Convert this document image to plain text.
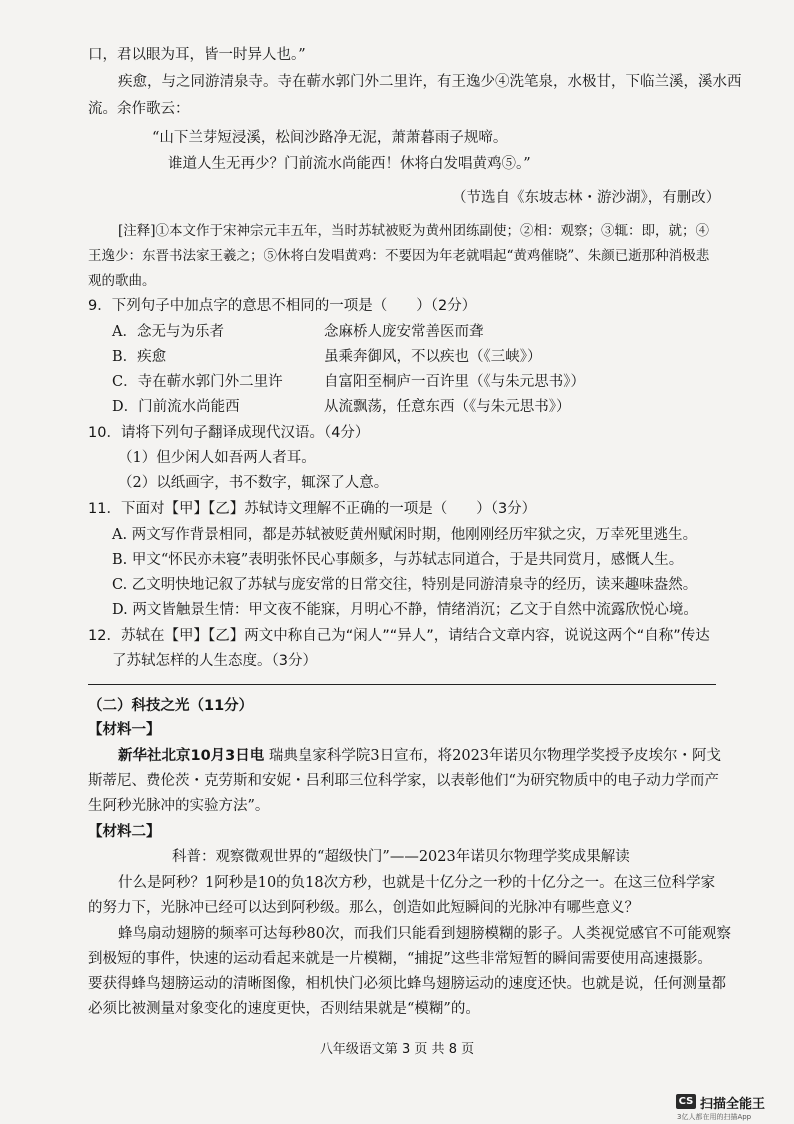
口，君以眼为耳，皆一时异人也。”
疾愈，与之同游清泉寺。寺在蕲水郭门外二里许，有王逸少④洗笔泉，水极甘，下临兰溪，溪水西
流。余作歌云：
“山下兰芽短浸溪，松间沙路净无泥，萧萧暮雨子规啼。
谁道人生无再少？门前流水尚能西！休将白发唱黄鸡⑤。”
（节选自《东坡志林・游沙湖》，有删改）
[注释]①本文作于宋神宗元丰五年，当时苏轼被贬为黄州团练副使；②相：观察；③辄：即，就；④
王逸少：东晋书法家王羲之；⑤休将白发唱黄鸡：不要因为年老就唱起“黄鸡催晓”、朱颜已逝那种消极悲
观的歌曲。
9．下列句子中加点字的意思不相同的一项是（　　）（2分）
A．念无与为乐者	念麻桥人庞安常善医而聋
B．疾愈	虽乘奔御风，不以疾也（《三峡》）
C．寺在蕲水郭门外二里许	自富阳至桐庐一百许里（《与朱元思书》）
D．门前流水尚能西	从流飘荡，任意东西（《与朱元思书》）
10．请将下列句子翻译成现代汉语。（4分）
（1）但少闲人如吾两人者耳。
（2）以纸画字，书不数字，辄深了人意。
11．下面对【甲】【乙】苏轼诗文理解不正确的一项是（　　）（3分）
A. 两文写作背景相同，都是苏轼被贬黄州赋闲时期，他刚刚经历牢狱之灾，万幸死里逃生。
B. 甲文“怀民亦未寝”表明张怀民心事颇多，与苏轼志同道合，于是共同赏月，感慨人生。
C. 乙文明快地记叙了苏轼与庞安常的日常交往，特别是同游清泉寺的经历，读来趣味盎然。
D. 两文皆触景生情：甲文夜不能寐，月明心不静，情绪消沉；乙文于自然中流露欣悦心境。
12．苏轼在【甲】【乙】两文中称自己为“闲人”“异人”，请结合文章内容，说说这两个“自称”传达
了苏轼怎样的人生态度。（3分）
（二）科技之光（11分）
【材料一】
新华社北京10月3日电 瑞典皇家科学院3日宣布，将2023年诺贝尔物理学奖授予皮埃尔・阿戈
斯蒂尼、费伦茨・克劳斯和安妮・吕利耶三位科学家，以表彰他们“为研究物质中的电子动力学而产
生阿秒光脉冲的实验方法”。
【材料二】
科普：观察微观世界的“超级快门”——2023年诺贝尔物理学奖成果解读
什么是阿秒？1阿秒是10的负18次方秒，也就是十亿分之一秒的十亿分之一。在这三位科学家
的努力下，光脉冲已经可以达到阿秒级。那么，创造如此短瞬间的光脉冲有哪些意义？
蜂鸟扇动翅膀的频率可达每秒80次，而我们只能看到翅膀模糊的影子。人类视觉感官不可能观察
到极短的事件，快速的运动看起来就是一片模糊，“捕捉”这些非常短暂的瞬间需要使用高速摄影。
要获得蜂鸟翅膀运动的清晰图像，相机快门必须比蜂鸟翅膀运动的速度还快。也就是说，任何测量都
必须比被测量对象变化的速度更快，否则结果就是“模糊”的。
八年级语文第 3 页 共 8 页
CS 扫描全能王
3亿人都在用的扫描App
